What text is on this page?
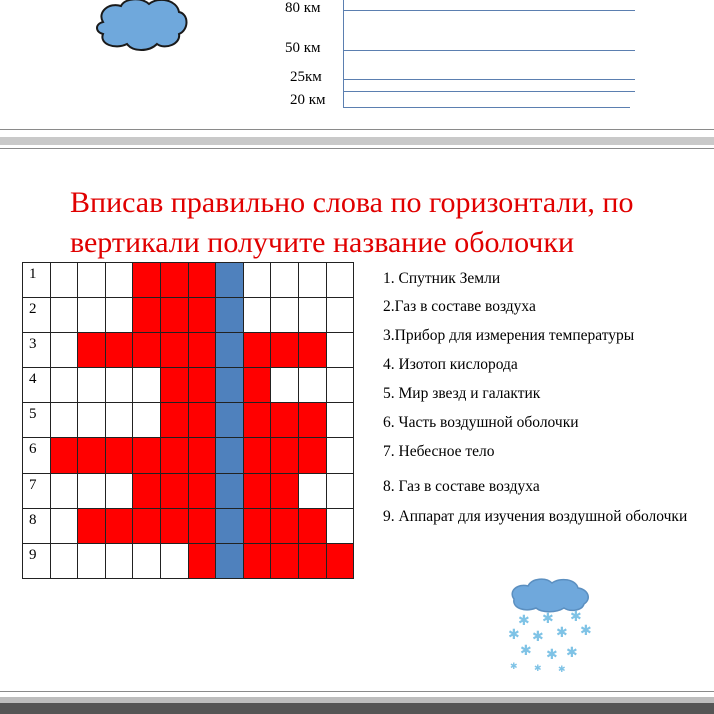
80 км
50 км
25км
20 км
Вписав правильно слова по горизонтали, по
вертикали получите название оболочки
1											
2											
3											
4											
5											
6											
7											
8											
9											
1. Спутник Земли
2.Газ в составе воздуха
3.Прибор для измерения температуры
4. Изотоп кислорода
5. Мир звезд и галактик
6. Часть воздушной оболочки
7. Небесное тело
8. Газ в составе воздуха
9. Аппарат для изучения воздушной оболочки
✱ ✱ ✱
✱ ✱ ✱ ✱
✱ ✱ ✱
✱ ✱ ✱
